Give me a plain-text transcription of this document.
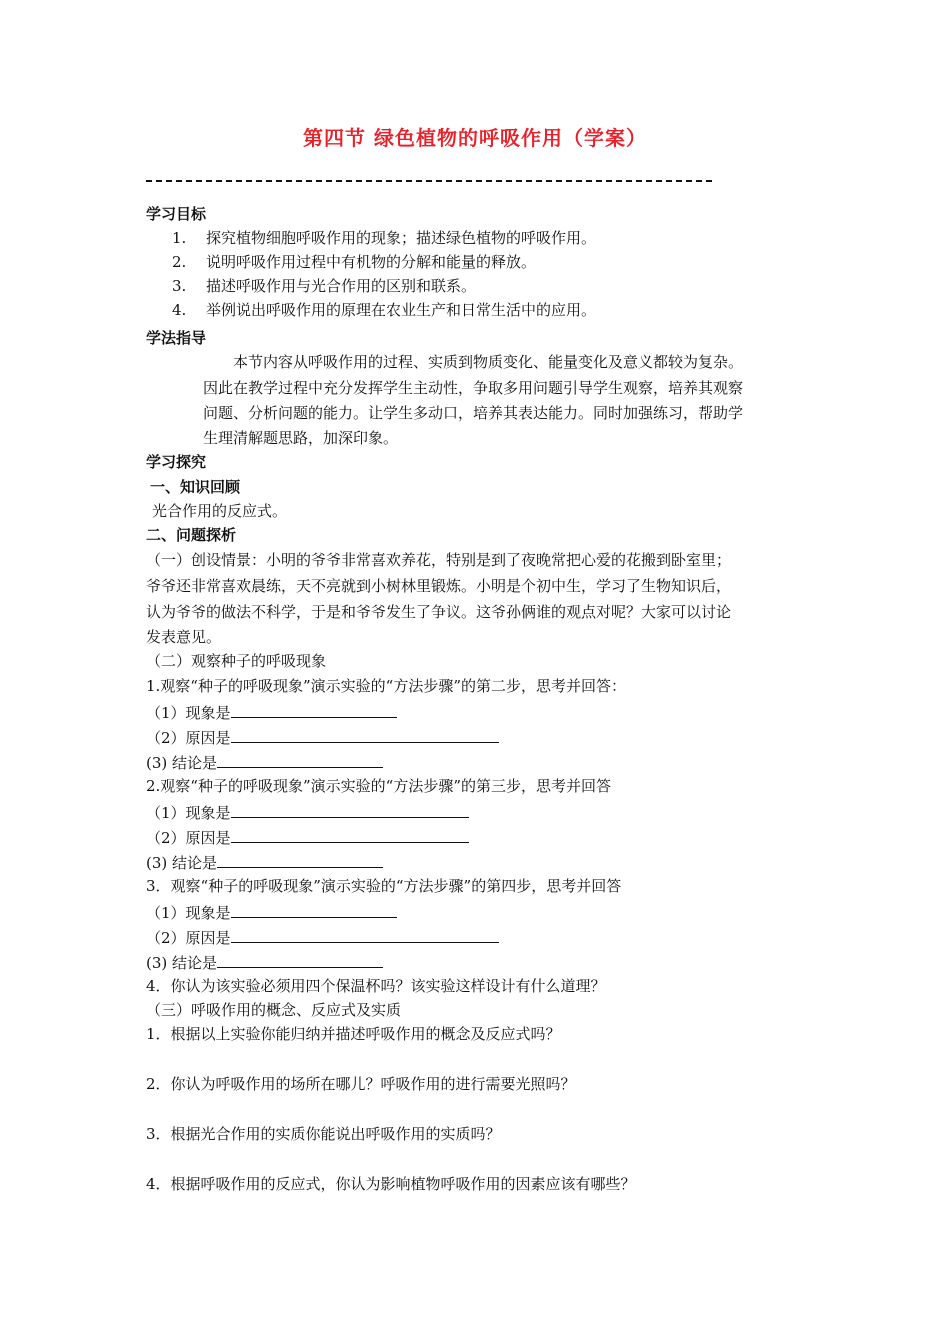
第四节 绿色植物的呼吸作用（学案）
学习目标
1. 探究植物细胞呼吸作用的现象；描述绿色植物的呼吸作用。
2. 说明呼吸作用过程中有机物的分解和能量的释放。
3. 描述呼吸作用与光合作用的区别和联系。
4. 举例说出呼吸作用的原理在农业生产和日常生活中的应用。
学法指导
本节内容从呼吸作用的过程、实质到物质变化、能量变化及意义都较为复杂。
因此在教学过程中充分发挥学生主动性，争取多用问题引导学生观察，培养其观察
问题、分析问题的能力。让学生多动口，培养其表达能力。同时加强练习，帮助学
生理清解题思路，加深印象。
学习探究
一、知识回顾
光合作用的反应式。
二、问题探析
（一）创设情景：小明的爷爷非常喜欢养花，特别是到了夜晚常把心爱的花搬到卧室里；
爷爷还非常喜欢晨练，天不亮就到小树林里锻炼。小明是个初中生，学习了生物知识后，
认为爷爷的做法不科学，于是和爷爷发生了争议。这爷孙俩谁的观点对呢？大家可以讨论
发表意见。
（二）观察种子的呼吸现象
1.观察“种子的呼吸现象”演示实验的“方法步骤”的第二步，思考并回答：
（1）现象是
（2）原因是
(3) 结论是
2.观察“种子的呼吸现象”演示实验的“方法步骤”的第三步，思考并回答
（1）现象是
（2）原因是
(3) 结论是
3．观察“种子的呼吸现象”演示实验的“方法步骤”的第四步，思考并回答
（1）现象是
（2）原因是
(3) 结论是
4．你认为该实验必须用四个保温杯吗？该实验这样设计有什么道理？
（三）呼吸作用的概念、反应式及实质
1．根据以上实验你能归纳并描述呼吸作用的概念及反应式吗？
2．你认为呼吸作用的场所在哪儿？呼吸作用的进行需要光照吗？
3．根据光合作用的实质你能说出呼吸作用的实质吗？
4．根据呼吸作用的反应式，你认为影响植物呼吸作用的因素应该有哪些？
